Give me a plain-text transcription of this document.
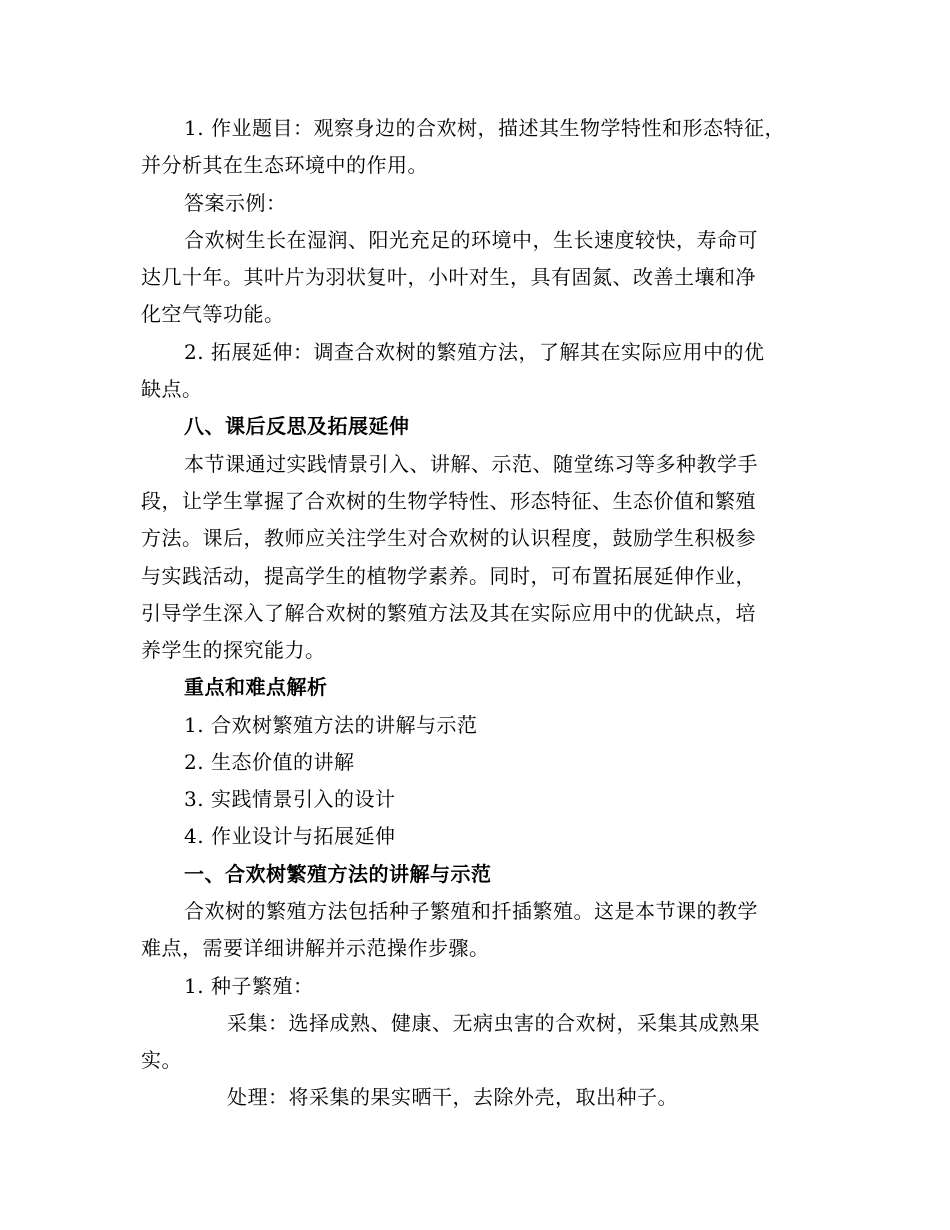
1. 作业题目：观察身边的合欢树，描述其生物学特性和形态特征，
并分析其在生态环境中的作用。
答案示例：
合欢树生长在湿润、阳光充足的环境中，生长速度较快，寿命可
达几十年。其叶片为羽状复叶，小叶对生，具有固氮、改善土壤和净
化空气等功能。
2. 拓展延伸：调查合欢树的繁殖方法，了解其在实际应用中的优
缺点。
八、课后反思及拓展延伸
本节课通过实践情景引入、讲解、示范、随堂练习等多种教学手
段，让学生掌握了合欢树的生物学特性、形态特征、生态价值和繁殖
方法。课后，教师应关注学生对合欢树的认识程度，鼓励学生积极参
与实践活动，提高学生的植物学素养。同时，可布置拓展延伸作业，
引导学生深入了解合欢树的繁殖方法及其在实际应用中的优缺点，培
养学生的探究能力。
重点和难点解析
1. 合欢树繁殖方法的讲解与示范
2. 生态价值的讲解
3. 实践情景引入的设计
4. 作业设计与拓展延伸
一、合欢树繁殖方法的讲解与示范
合欢树的繁殖方法包括种子繁殖和扦插繁殖。这是本节课的教学
难点，需要详细讲解并示范操作步骤。
1. 种子繁殖：
采集：选择成熟、健康、无病虫害的合欢树，采集其成熟果
实。
处理：将采集的果实晒干，去除外壳，取出种子。
